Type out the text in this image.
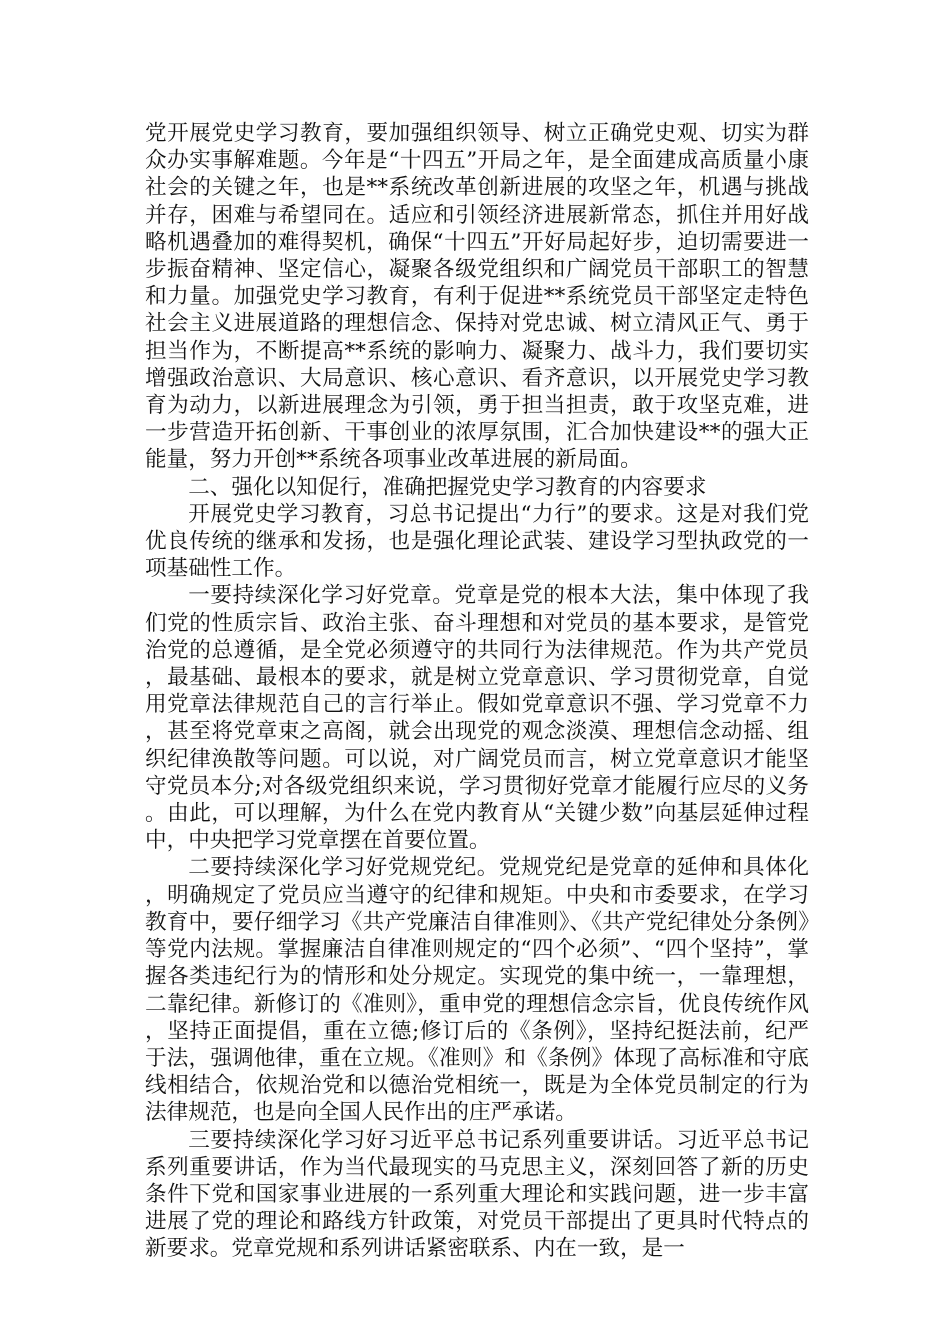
党开展党史学习教育，要加强组织领导、树立正确党史观、切实为群众办实事解难题。今年是“十四五”开局之年，是全面建成高质量小康社会的关键之年，也是**系统改革创新进展的攻坚之年，机遇与挑战并存，困难与希望同在。适应和引领经济进展新常态，抓住并用好战略机遇叠加的难得契机，确保“十四五”开好局起好步，迫切需要进一步振奋精神、坚定信心，凝聚各级党组织和广阔党员干部职工的智慧和力量。加强党史学习教育，有利于促进**系统党员干部坚定走特色社会主义进展道路的理想信念、保持对党忠诚、树立清风正气、勇于担当作为，不断提高**系统的影响力、凝聚力、战斗力，我们要切实增强政治意识、大局意识、核心意识、看齐意识，以开展党史学习教育为动力，以新进展理念为引领，勇于担当担责，敢于攻坚克难，进一步营造开拓创新、干事创业的浓厚氛围，汇合加快建设**的强大正能量，努力开创**系统各项事业改革进展的新局面。

二、强化以知促行，准确把握党史学习教育的内容要求

开展党史学习教育，习总书记提出“力行”的要求。这是对我们党优良传统的继承和发扬，也是强化理论武装、建设学习型执政党的一项基础性工作。

一要持续深化学习好党章。党章是党的根本大法，集中体现了我们党的性质宗旨、政治主张、奋斗理想和对党员的基本要求，是管党治党的总遵循，是全党必须遵守的共同行为法律规范。作为共产党员，最基础、最根本的要求，就是树立党章意识、学习贯彻党章，自觉用党章法律规范自己的言行举止。假如党章意识不强、学习党章不力，甚至将党章束之高阁，就会出现党的观念淡漠、理想信念动摇、组织纪律涣散等问题。可以说，对广阔党员而言，树立党章意识才能坚守党员本分;对各级党组织来说，学习贯彻好党章才能履行应尽的义务。由此，可以理解，为什么在党内教育从“关键少数”向基层延伸过程中，中央把学习党章摆在首要位置。

二要持续深化学习好党规党纪。党规党纪是党章的延伸和具体化，明确规定了党员应当遵守的纪律和规矩。中央和市委要求，在学习教育中，要仔细学习《共产党廉洁自律准则》、《共产党纪律处分条例》等党内法规。掌握廉洁自律准则规定的“四个必须”、“四个坚持”，掌握各类违纪行为的情形和处分规定。实现党的集中统一，一靠理想，二靠纪律。新修订的《准则》，重申党的理想信念宗旨，优良传统作风，坚持正面提倡，重在立德;修订后的《条例》，坚持纪挺法前，纪严于法，强调他律，重在立规。《准则》和《条例》体现了高标准和守底线相结合，依规治党和以德治党相统一，既是为全体党员制定的行为法律规范，也是向全国人民作出的庄严承诺。

三要持续深化学习好习近平总书记系列重要讲话。习近平总书记系列重要讲话，作为当代最现实的马克思主义，深刻回答了新的历史条件下党和国家事业进展的一系列重大理论和实践问题，进一步丰富进展了党的理论和路线方针政策，对党员干部提出了更具时代特点的新要求。党章党规和系列讲话紧密联系、内在一致，是一
